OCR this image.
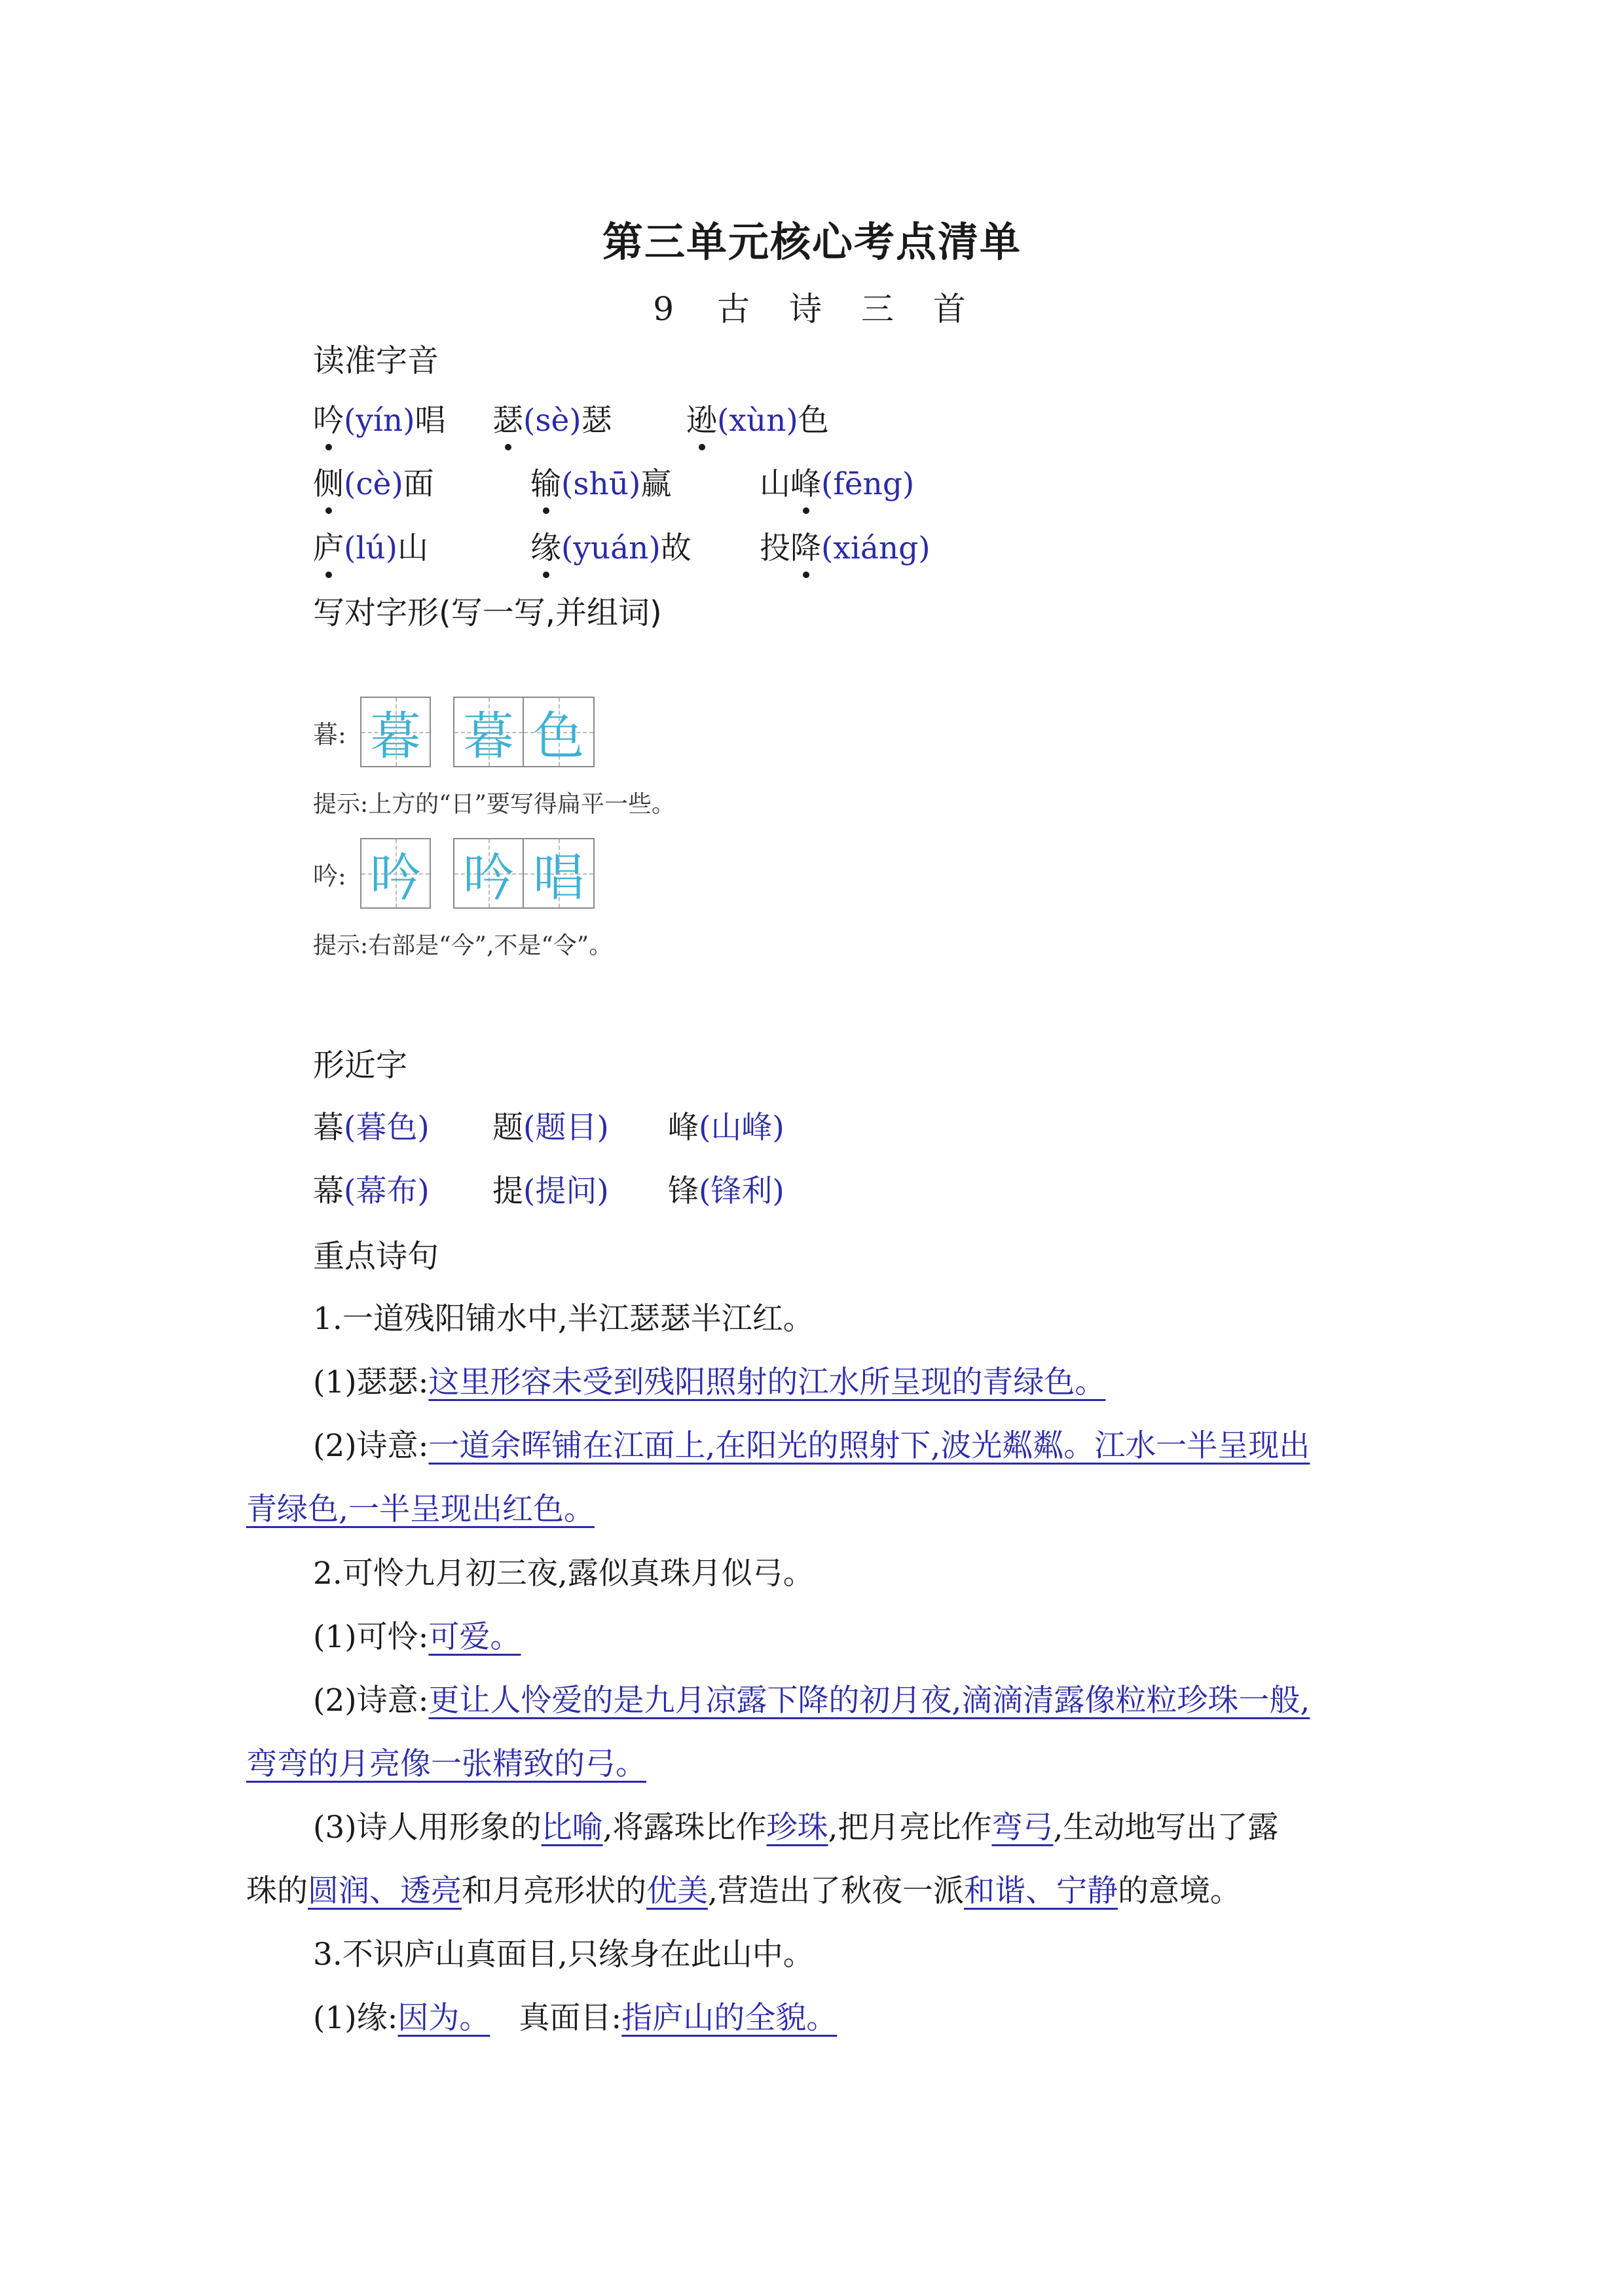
第三单元核心考点清单
9　古 诗 三 首
读准字音
吟(yín)唱 瑟(sè)瑟 逊(xùn)色
侧(cè)面	输(shū)赢	山峰(fēng)
庐(lú)山	缘(yuán)故 投降(xiáng)
写对字形(写一写,并组词)
暮: 暮 暮 色
提示:上方的“日”要写得扁平一些。
吟: 吟 吟 唱
提示:右部是“今”,不是“令”。
形近字
暮(暮色) 题(题目) 峰(山峰)
幕(幕布) 提(提问) 锋(锋利)
重点诗句
1.一道残阳铺水中,半江瑟瑟半江红。
(1)瑟瑟:这里形容未受到残阳照射的江水所呈现的青绿色。
(2)诗意:一道余晖铺在江面上,在阳光的照射下,波光粼粼。江水一半呈现出
青绿色,一半呈现出红色。
2.可怜九月初三夜,露似真珠月似弓。
(1)可怜:可爱。
(2)诗意:更让人怜爱的是九月凉露下降的初月夜,滴滴清露像粒粒珍珠一般,
弯弯的月亮像一张精致的弓。
(3)诗人用形象的比喻,将露珠比作珍珠,把月亮比作弯弓,生动地写出了露
珠的圆润、透亮和月亮形状的优美,营造出了秋夜一派和谐、宁静的意境。
3.不识庐山真面目,只缘身在此山中。
(1)缘:因为。 真面目:指庐山的全貌。
